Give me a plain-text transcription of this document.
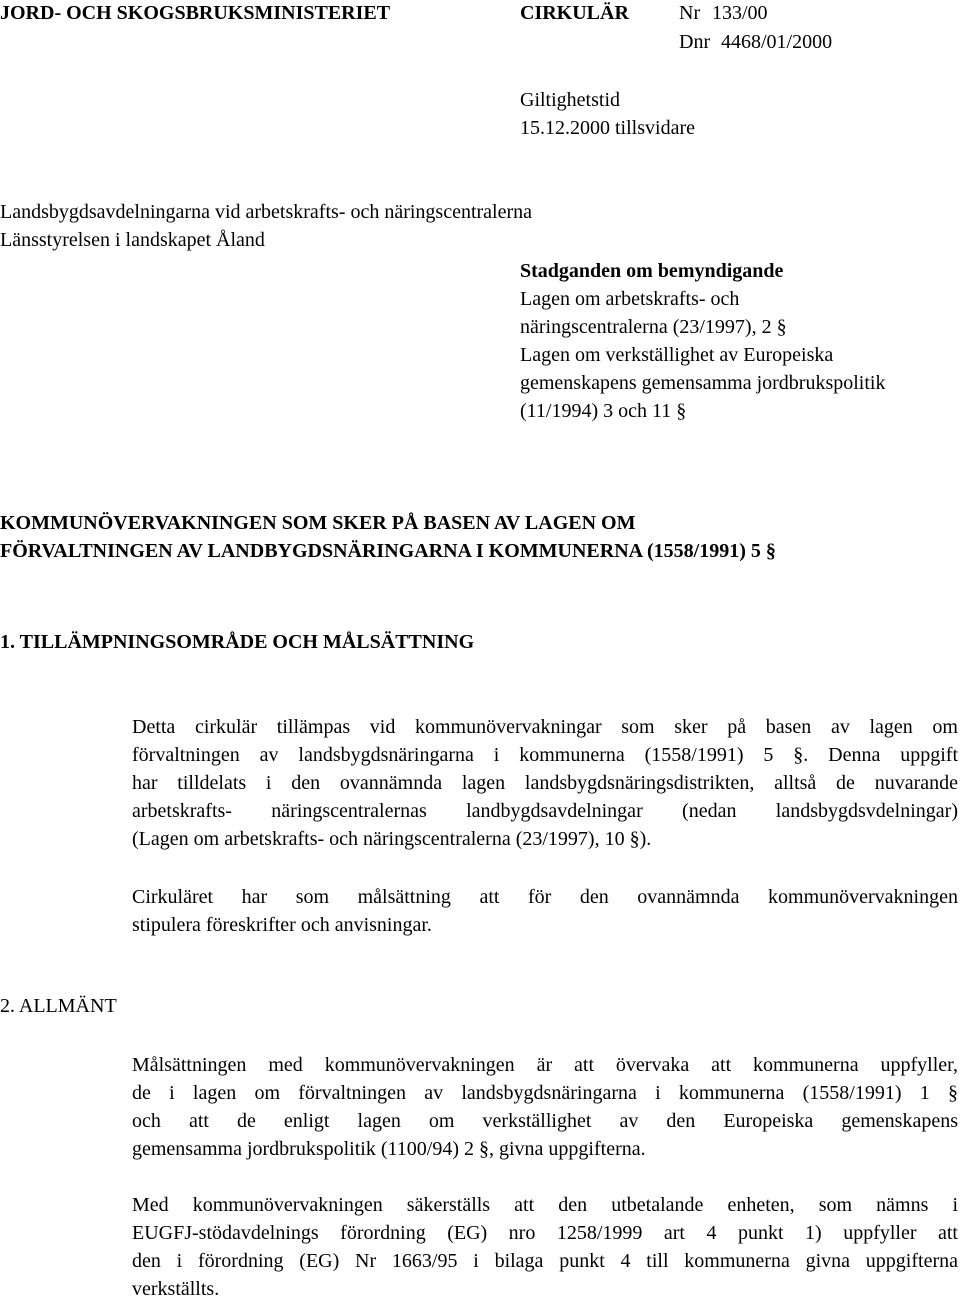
JORD- OCH SKOGSBRUKSMINISTERIET	CIRKULÄR	Nr 133/00
Dnr 4468/01/2000
Giltighetstid
15.12.2000 tillsvidare
Landsbygdsavdelningarna vid arbetskrafts- och näringscentralerna
Länsstyrelsen i landskapet Åland
Stadganden om bemyndigande
Lagen om arbetskrafts- och
näringscentralerna (23/1997), 2 §
Lagen om verkställighet av Europeiska
gemenskapens gemensamma jordbrukspolitik
(11/1994) 3 och 11 §
KOMMUNÖVERVAKNINGEN SOM SKER PÅ BASEN AV LAGEN OM
FÖRVALTNINGEN AV LANDBYGDSNÄRINGARNA I KOMMUNERNA (1558/1991) 5 §
1. TILLÄMPNINGSOMRÅDE OCH MÅLSÄTTNING
Detta cirkulär tillämpas vid kommunövervakningar som sker på basen av lagen om
förvaltningen av landsbygdsnäringarna i kommunerna (1558/1991) 5 §. Denna uppgift
har tilldelats i den ovannämnda lagen landsbygdsnäringsdistrikten, alltså de nuvarande
arbetskrafts- näringscentralernas landbygdsavdelningar (nedan landsbygdsvdelningar)
(Lagen om arbetskrafts- och näringscentralerna (23/1997), 10 §).
Cirkuläret har som målsättning att för den ovannämnda kommunövervakningen
stipulera föreskrifter och anvisningar.
2. ALLMÄNT
Målsättningen med kommunövervakningen är att övervaka att kommunerna uppfyller,
de i lagen om förvaltningen av landsbygdsnäringarna i kommunerna (1558/1991) 1 §
och att de enligt lagen om verkställighet av den Europeiska gemenskapens
gemensamma jordbrukspolitik (1100/94) 2 §, givna uppgifterna.
Med kommunövervakningen säkerställs att den utbetalande enheten, som nämns i
EUGFJ-stödavdelnings förordning (EG) nro 1258/1999 art 4 punkt 1) uppfyller att
den i förordning (EG) Nr 1663/95 i bilaga punkt 4 till kommunerna givna uppgifterna
verkställts.
